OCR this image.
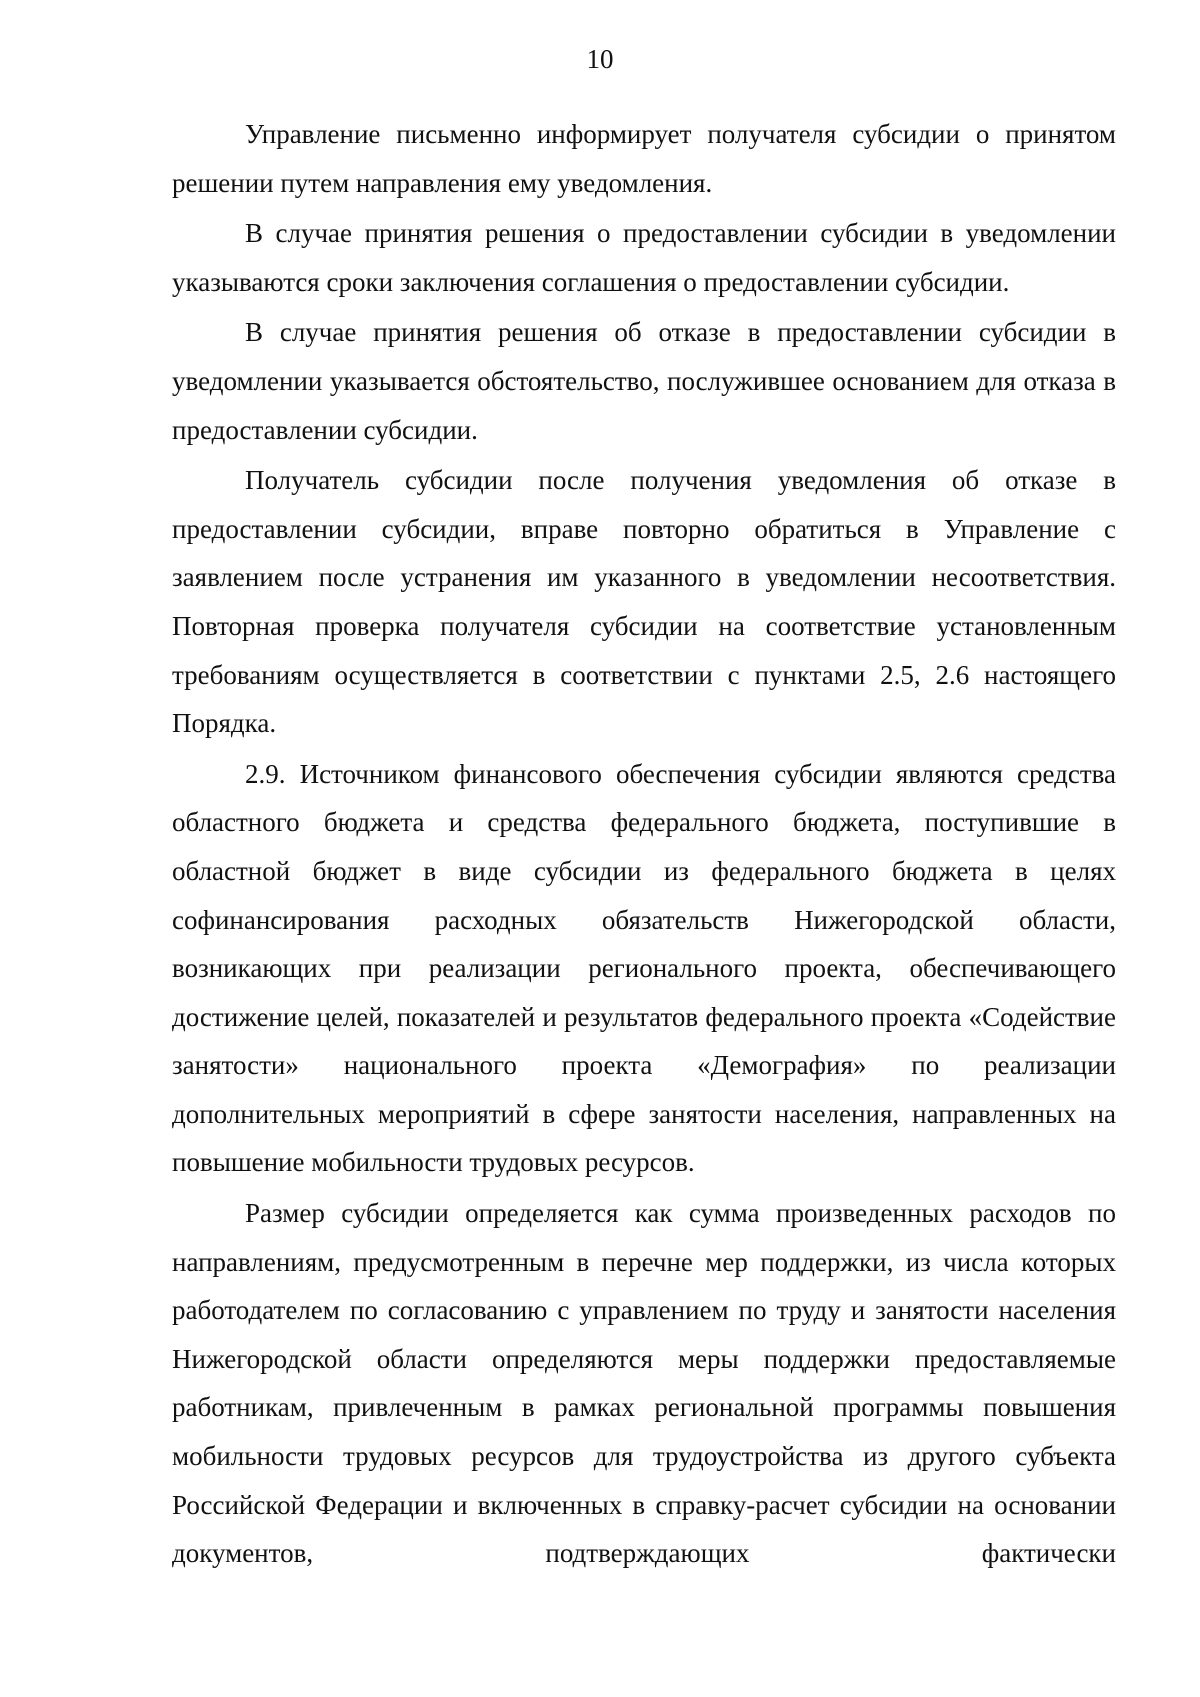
10

Управление письменно информирует получателя субсидии о принятом решении путем направления ему уведомления.

В случае принятия решения о предоставлении субсидии в уведомлении указываются сроки заключения соглашения о предоставлении субсидии.

В случае принятия решения об отказе в предоставлении субсидии в уведомлении указывается обстоятельство, послужившее основанием для отказа в предоставлении субсидии.

Получатель субсидии после получения уведомления об отказе в предоставлении субсидии, вправе повторно обратиться в Управление с заявлением после устранения им указанного в уведомлении несоответствия. Повторная проверка получателя субсидии на соответствие установленным требованиям осуществляется в соответствии с пунктами 2.5, 2.6 настоящего Порядка.

2.9. Источником финансового обеспечения субсидии являются средства областного бюджета и средства федерального бюджета, поступившие в областной бюджет в виде субсидии из федерального бюджета в целях софинансирования расходных обязательств Нижегородской области, возникающих при реализации регионального проекта, обеспечивающего достижение целей, показателей и результатов федерального проекта «Содействие занятости» национального проекта «Демография» по реализации дополнительных мероприятий в сфере занятости населения, направленных на повышение мобильности трудовых ресурсов.

Размер субсидии определяется как сумма произведенных расходов по направлениям, предусмотренным в перечне мер поддержки, из числа которых работодателем по согласованию с управлением по труду и занятости населения Нижегородской области определяются меры поддержки предоставляемые работникам, привлеченным в рамках региональной программы повышения мобильности трудовых ресурсов для трудоустройства из другого субъекта Российской Федерации и включенных в справку-расчет субсидии на основании документов, подтверждающих фактически
